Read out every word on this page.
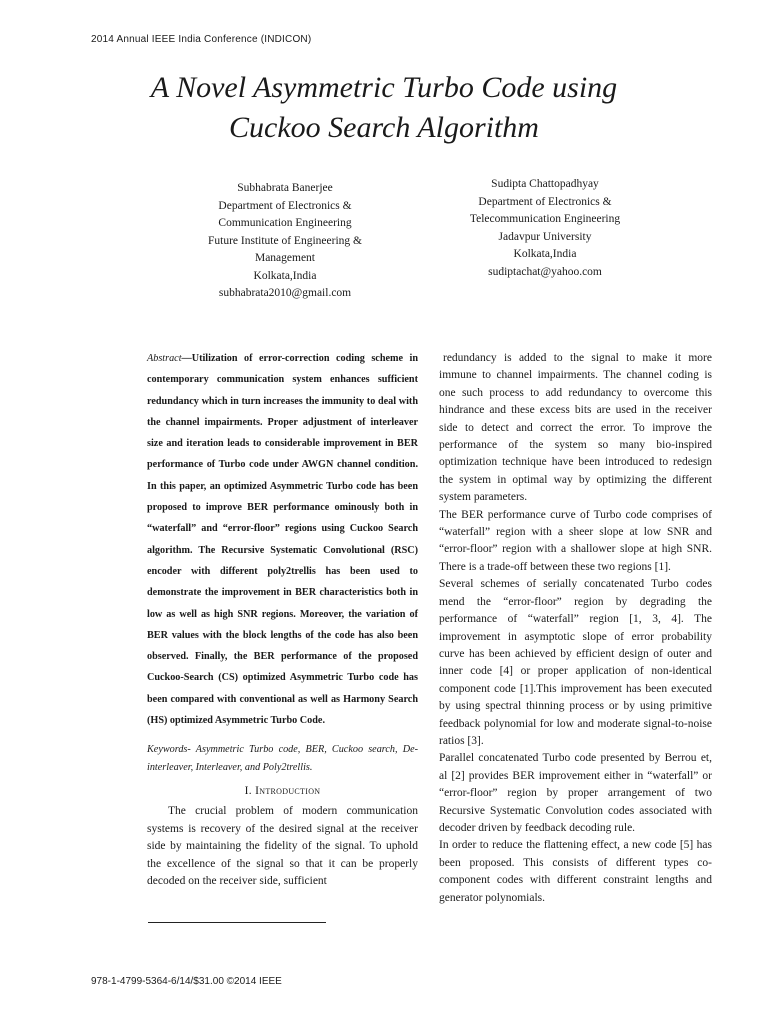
2014 Annual IEEE India Conference (INDICON)
A Novel Asymmetric Turbo Code using
Cuckoo Search Algorithm
Subhabrata Banerjee
Department of Electronics &
Communication Engineering
Future Institute of Engineering &
Management
Kolkata,India
subhabrata2010@gmail.com
Sudipta Chattopadhyay
Department of Electronics &
Telecommunication Engineering
Jadavpur University
Kolkata,India
sudiptachat@yahoo.com

Abstract—Utilization of error-correction coding scheme in contemporary communication system enhances sufficient redundancy which in turn increases the immunity to deal with the channel impairments. Proper adjustment of interleaver size and iteration leads to considerable improvement in BER performance of Turbo code under AWGN channel condition. In this paper, an optimized Asymmetric Turbo code has been proposed to improve BER performance ominously both in “waterfall” and “error-floor” regions using Cuckoo Search algorithm. The Recursive Systematic Convolutional (RSC) encoder with different poly2trellis has been used to demonstrate the improvement in BER characteristics both in low as well as high SNR regions. Moreover, the variation of BER values with the block lengths of the code has also been observed. Finally, the BER performance of the proposed Cuckoo-Search (CS) optimized Asymmetric Turbo code has been compared with conventional as well as Harmony Search (HS) optimized Asymmetric Turbo Code.

Keywords- Asymmetric Turbo code, BER, Cuckoo search, De-interleaver, Interleaver, and Poly2trellis.
I. Introduction

The crucial problem of modern communication systems is recovery of the desired signal at the receiver side by maintaining the fidelity of the signal. To uphold the excellence of the signal so that it can be properly decoded on the receiver side, sufficient

redundancy is added to the signal to make it more immune to channel impairments. The channel coding is one such process to add redundancy to overcome this hindrance and these excess bits are used in the receiver side to detect and correct the error. To improve the performance of the system so many bio-inspired optimization technique have been introduced to redesign the system in optimal way by optimizing the different system parameters.

The BER performance curve of Turbo code comprises of “waterfall” region with a sheer slope at low SNR and “error-floor” region with a shallower slope at high SNR. There is a trade-off between these two regions [1].

Several schemes of serially concatenated Turbo codes mend the “error-floor” region by degrading the performance of “waterfall” region [1, 3, 4]. The improvement in asymptotic slope of error probability curve has been achieved by efficient design of outer and inner code [4] or proper application of non-identical component code [1].This improvement has been executed by using spectral thinning process or by using primitive feedback polynomial for low and moderate signal-to-noise ratios [3].

Parallel concatenated Turbo code presented by Berrou et, al [2] provides BER improvement either in “waterfall” or “error-floor” region by proper arrangement of two Recursive Systematic Convolution codes associated with decoder driven by feedback decoding rule.

In order to reduce the flattening effect, a new code [5] has been proposed. This consists of different types co-component codes with different constraint lengths and generator polynomials.

978-1-4799-5364-6/14/$31.00 ©2014 IEEE
